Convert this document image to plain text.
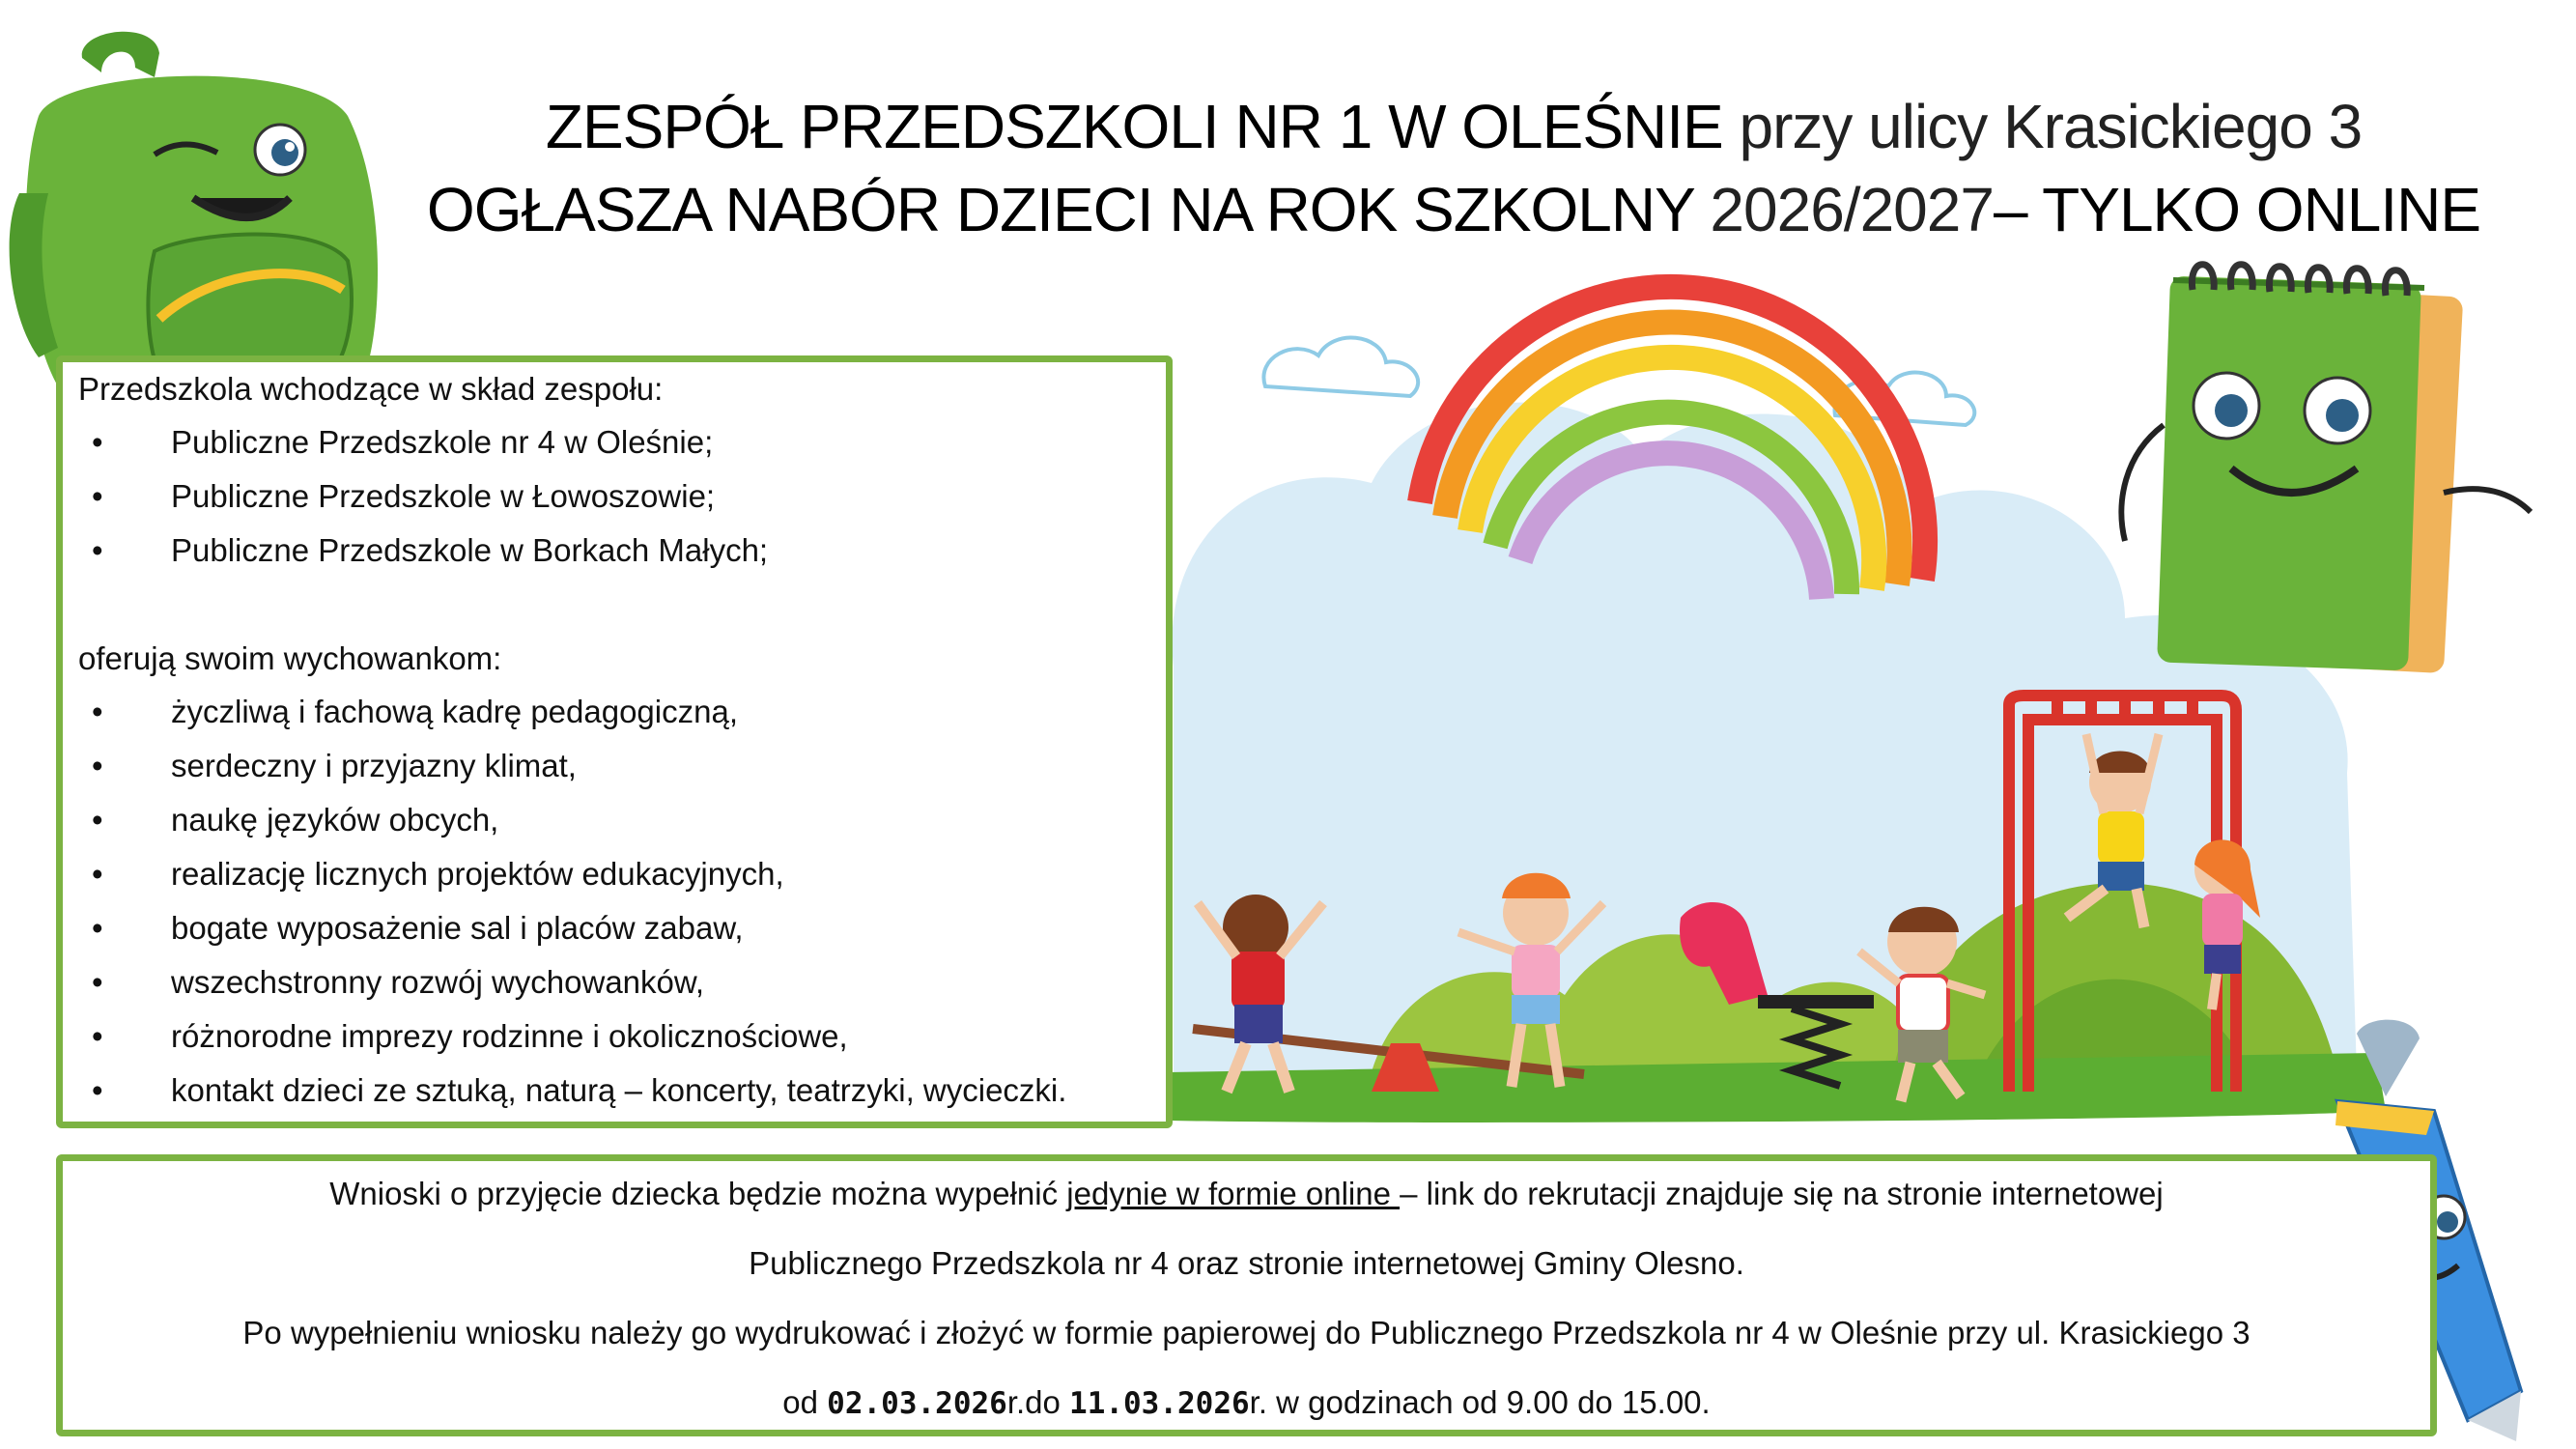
ZESPÓŁ PRZEDSZKOLI NR 1 W OLEŚNIE przy ulicy Krasickiego 3
OGŁASZA NABÓR DZIECI NA ROK SZKOLNY 2026/2027– TYLKO ONLINE

Przedszkola wchodzące w skład zespołu:

• Publiczne Przedszkole nr 4 w Oleśnie;
• Publiczne Przedszkole w Łowoszowie;
• Publiczne Przedszkole w Borkach Małych;

oferują swoim wychowankom:

• życzliwą i fachową kadrę pedagogiczną,
• serdeczny i przyjazny klimat,
• naukę języków obcych,
• realizację licznych projektów edukacyjnych,
• bogate wyposażenie sal i placów zabaw,
• wszechstronny rozwój wychowanków,
• różnorodne imprezy rodzinne i okolicznościowe,
• kontakt dzieci ze sztuką, naturą – koncerty, teatrzyki, wycieczki.

Wnioski o przyjęcie dziecka będzie można wypełnić jedynie w formie online – link do rekrutacji znajduje się na stronie internetowej

Publicznego Przedszkola nr 4 oraz stronie internetowej Gminy Olesno.

Po wypełnieniu wniosku należy go wydrukować i złożyć w formie papierowej do Publicznego Przedszkola nr 4 w Oleśnie przy ul. Krasickiego 3

od 02.03.2026r.do 11.03.2026r. w godzinach od 9.00 do 15.00.
